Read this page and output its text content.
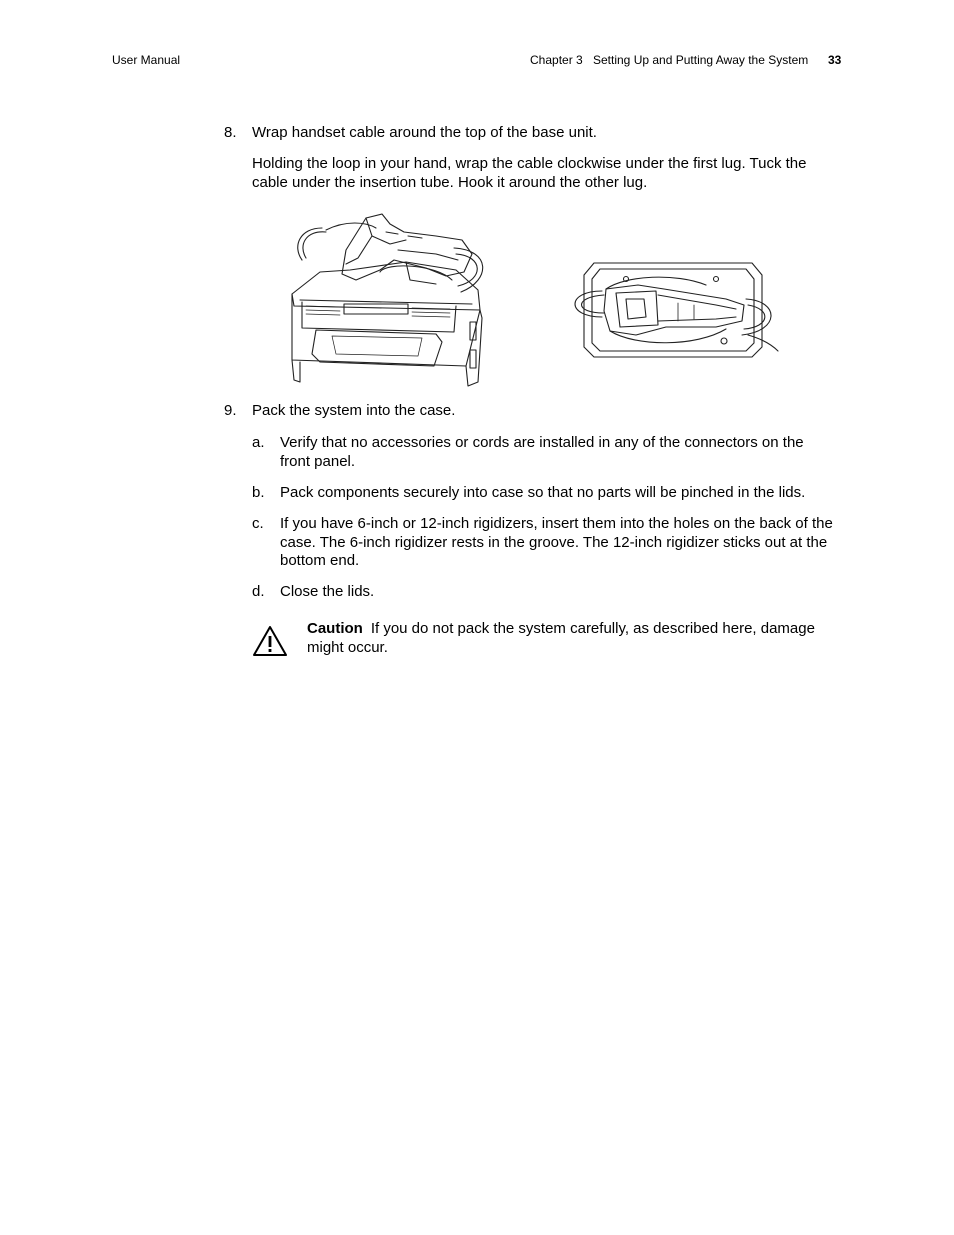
User Manual	Chapter 3 Setting Up and Putting Away the System 33
8. Wrap handset cable around the top of the base unit.
Holding the loop in your hand, wrap the cable clockwise under the first lug. Tuck the cable under the insertion tube. Hook it around the other lug.
9. Pack the system into the case.
a. Verify that no accessories or cords are installed in any of the connectors on the front panel.
b. Pack components securely into case so that no parts will be pinched in the lids.
c. If you have 6-inch or 12-inch rigidizers, insert them into the holes on the back of the case. The 6-inch rigidizer rests in the groove. The 12-inch rigidizer sticks out at the bottom end.
d. Close the lids.
Caution If you do not pack the system carefully, as described here, damage might occur.
